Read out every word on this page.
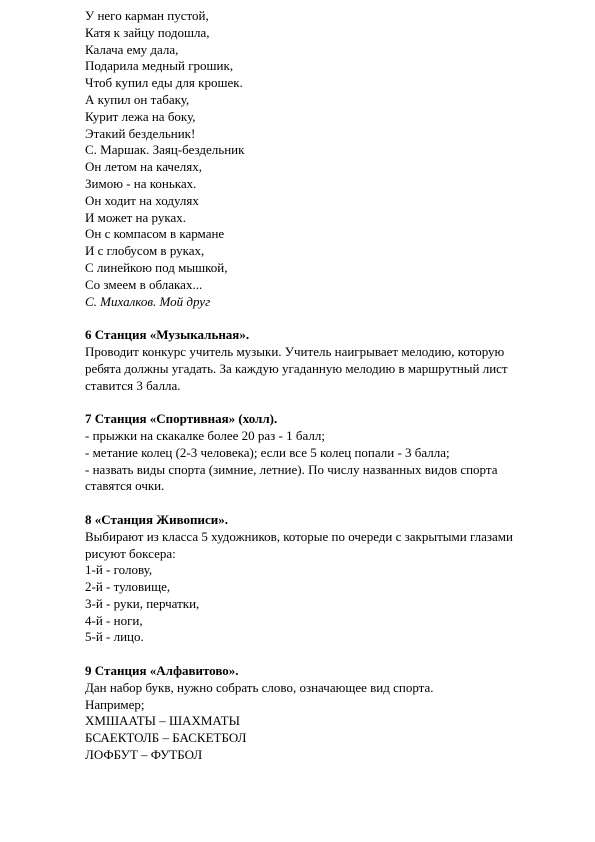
У него карман пустой,
Катя к зайцу подошла,
Калача ему дала,
Подарила медный грошик,
Чтоб купил еды для крошек.
А купил он табаку,
Курит лежа на боку,
Этакий бездельник!
С. Маршак. Заяц-бездельник
Он летом на качелях,
Зимою - на коньках.
Он ходит на ходулях
И может на руках.
Он с компасом в кармане
И с глобусом в руках,
С линейкою под мышкой,
Со змеем в облаках...
С. Михалков. Мой друг
6 Станция «Музыкальная».
Проводит конкурс учитель музыки. Учитель наигрывает мелодию, которую
ребята должны угадать. За каждую угаданную мелодию в маршрутный лист
ставится 3 балла.
7 Станция «Спортивная» (холл).
- прыжки на скакалке более 20 раз - 1 балл;
- метание колец (2-3 человека); если все 5 колец попали - 3 балла;
- назвать виды спорта (зимние, летние). По числу названных видов спорта
ставятся очки.
8 «Станция Живописи».
Выбирают из класса 5 художников, которые по очереди с закрытыми глазами
рисуют боксера:
1-й - голову,
2-й - туловище,
3-й - руки, перчатки,
4-й - ноги,
5-й - лицо.
9 Станция «Алфавитово».
Дан набор букв, нужно собрать слово, означающее вид спорта.
Например;
ХМШААТЫ – ШАХМАТЫ
БСАЕКТОЛБ – БАСКЕТБОЛ
ЛОФБУТ – ФУТБОЛ
